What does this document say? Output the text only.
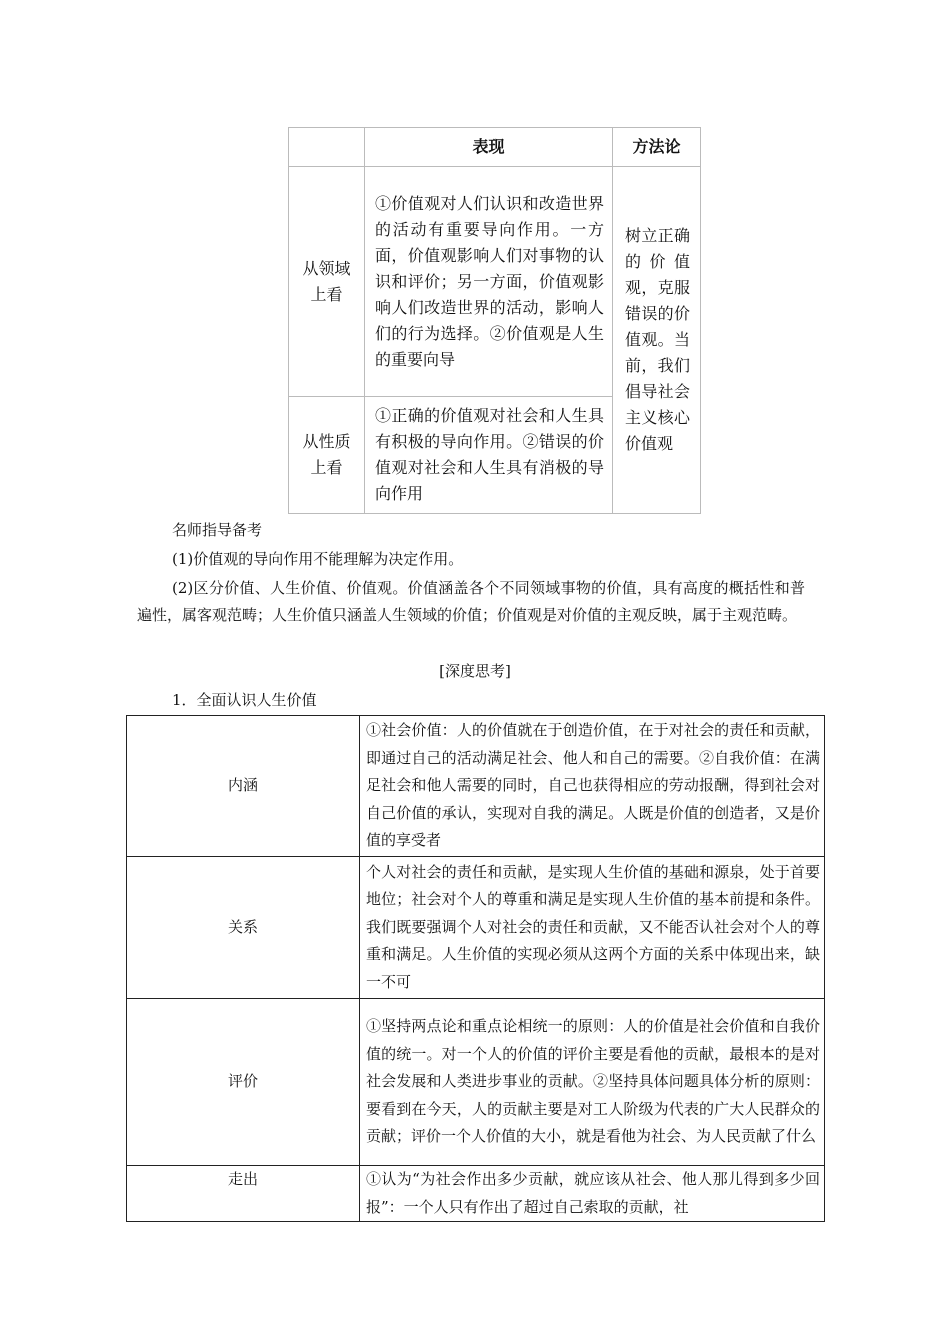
	表现	方法论

从领域上看	①价值观对人们认识和改造世界的活动有重要导向作用。一方面，价值观影响人们对事物的认识和评价；另一方面，价值观影响人们改造世界的活动，影响人们的行为选择。②价值观是人生的重要向导	树立正确的价值观，克服错误的价值观。当前，我们倡导社会主义核心价值观

从性质上看	①正确的价值观对社会和人生具有积极的导向作用。②错误的价值观对社会和人生具有消极的导向作用	

名师指导备考

(1)价值观的导向作用不能理解为决定作用。

(2)区分价值、人生价值、价值观。价值涵盖各个不同领域事物的价值，具有高度的概括性和普遍性，属客观范畴；人生价值只涵盖人生领域的价值；价值观是对价值的主观反映，属于主观范畴。

[深度思考]

1．全面认识人生价值

内涵	①社会价值：人的价值就在于创造价值，在于对社会的责任和贡献，即通过自己的活动满足社会、他人和自己的需要。②自我价值：在满足社会和他人需要的同时，自己也获得相应的劳动报酬，得到社会对自己价值的承认，实现对自我的满足。人既是价值的创造者，又是价值的享受者
关系	个人对社会的责任和贡献，是实现人生价值的基础和源泉，处于首要地位；社会对个人的尊重和满足是实现人生价值的基本前提和条件。我们既要强调个人对社会的责任和贡献，又不能否认社会对个人的尊重和满足。人生价值的实现必须从这两个方面的关系中体现出来，缺一不可
评价	①坚持两点论和重点论相统一的原则：人的价值是社会价值和自我价值的统一。对一个人的价值的评价主要是看他的贡献，最根本的是对社会发展和人类进步事业的贡献。②坚持具体问题具体分析的原则：要看到在今天，人的贡献主要是对工人阶级为代表的广大人民群众的贡献；评价一个人价值的大小，就是看他为社会、为人民贡献了什么
走出	①认为“为社会作出多少贡献，就应该从社会、他人那儿得到多少回报”：一个人只有作出了超过自己索取的贡献，社
